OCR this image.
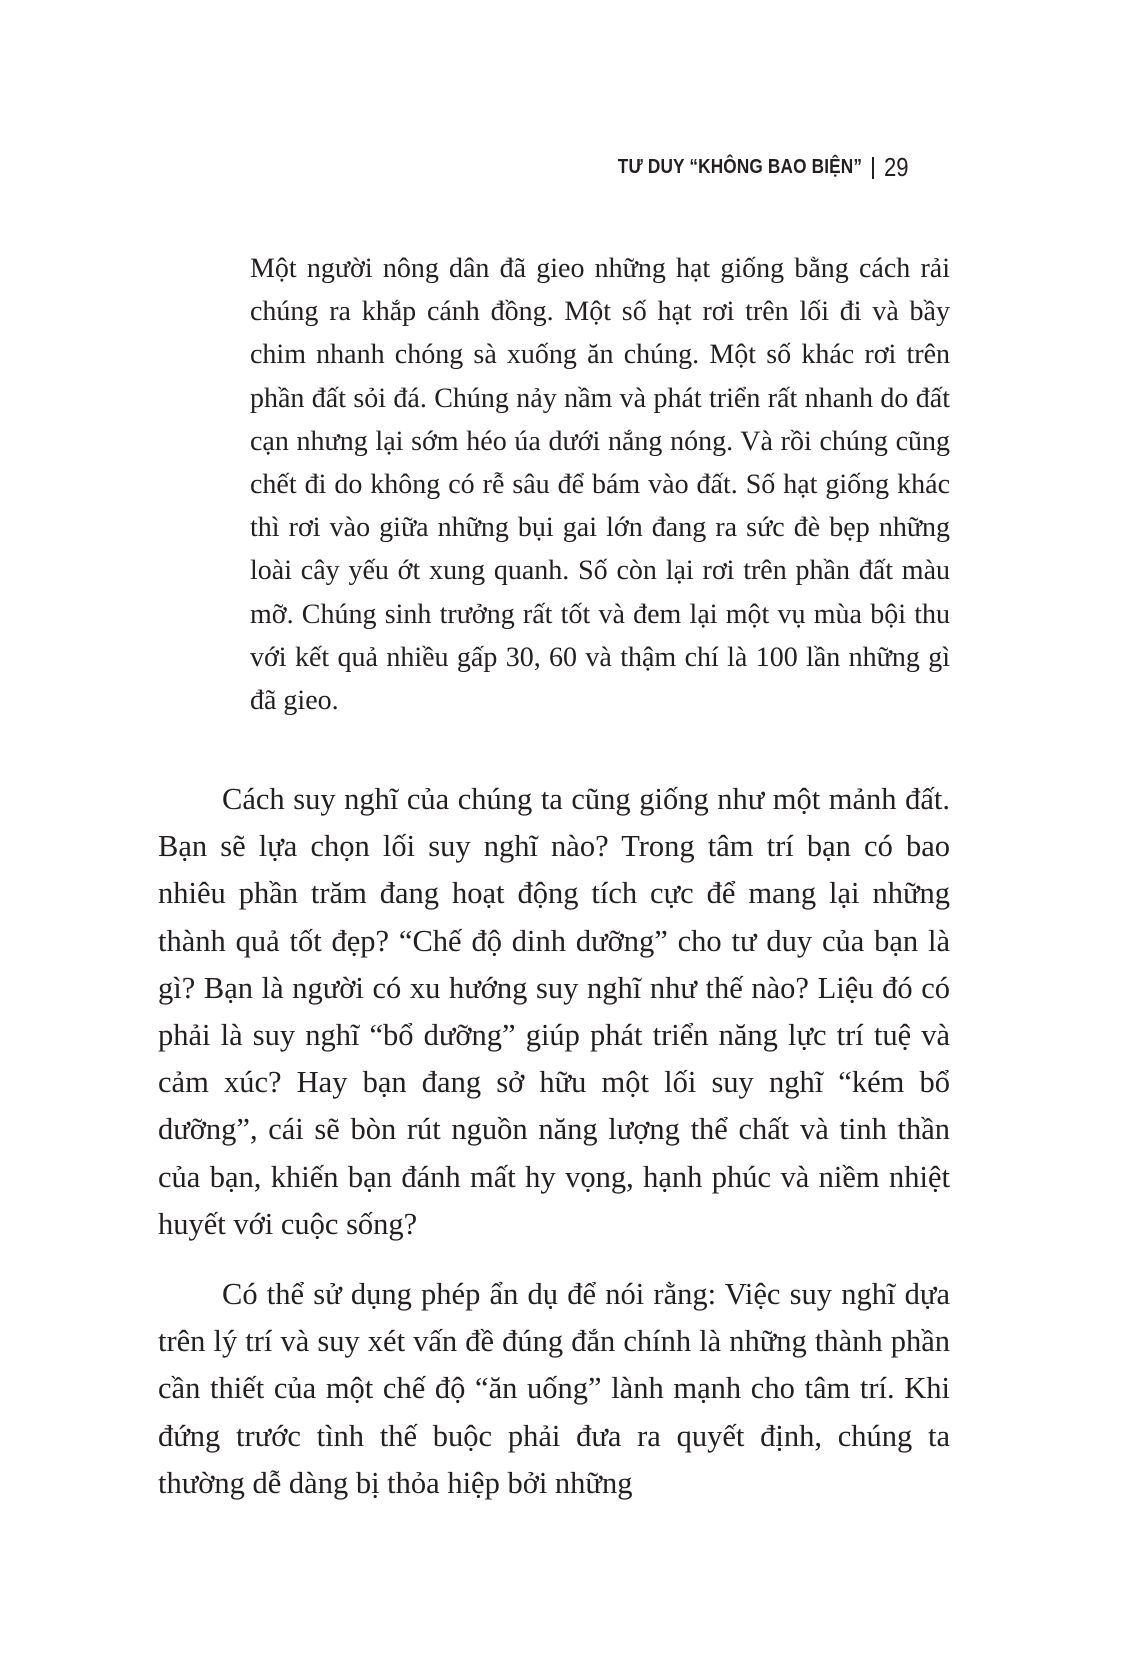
TƯ DUY “KHÔNG BAO BIỆN” 29

Một người nông dân đã gieo những hạt giống bằng cách rải chúng ra khắp cánh đồng. Một số hạt rơi trên lối đi và bầy chim nhanh chóng sà xuống ăn chúng. Một số khác rơi trên phần đất sỏi đá. Chúng nảy nầm và phát triển rất nhanh do đất cạn nhưng lại sớm héo úa dưới nắng nóng. Và rồi chúng cũng chết đi do không có rễ sâu để bám vào đất. Số hạt giống khác thì rơi vào giữa những bụi gai lớn đang ra sức đè bẹp những loài cây yếu ớt xung quanh. Số còn lại rơi trên phần đất màu mỡ. Chúng sinh trưởng rất tốt và đem lại một vụ mùa bội thu với kết quả nhiều gấp 30, 60 và thậm chí là 100 lần những gì đã gieo.

Cách suy nghĩ của chúng ta cũng giống như một mảnh đất. Bạn sẽ lựa chọn lối suy nghĩ nào? Trong tâm trí bạn có bao nhiêu phần trăm đang hoạt động tích cực để mang lại những thành quả tốt đẹp? “Chế độ dinh dưỡng” cho tư duy của bạn là gì? Bạn là người có xu hướng suy nghĩ như thế nào? Liệu đó có phải là suy nghĩ “bổ dưỡng” giúp phát triển năng lực trí tuệ và cảm xúc? Hay bạn đang sở hữu một lối suy nghĩ “kém bổ dưỡng”, cái sẽ bòn rút nguồn năng lượng thể chất và tinh thần của bạn, khiến bạn đánh mất hy vọng, hạnh phúc và niềm nhiệt huyết với cuộc sống?

Có thể sử dụng phép ẩn dụ để nói rằng: Việc suy nghĩ dựa trên lý trí và suy xét vấn đề đúng đắn chính là những thành phần cần thiết của một chế độ “ăn uống” lành mạnh cho tâm trí. Khi đứng trước tình thế buộc phải đưa ra quyết định, chúng ta thường dễ dàng bị thỏa hiệp bởi những
